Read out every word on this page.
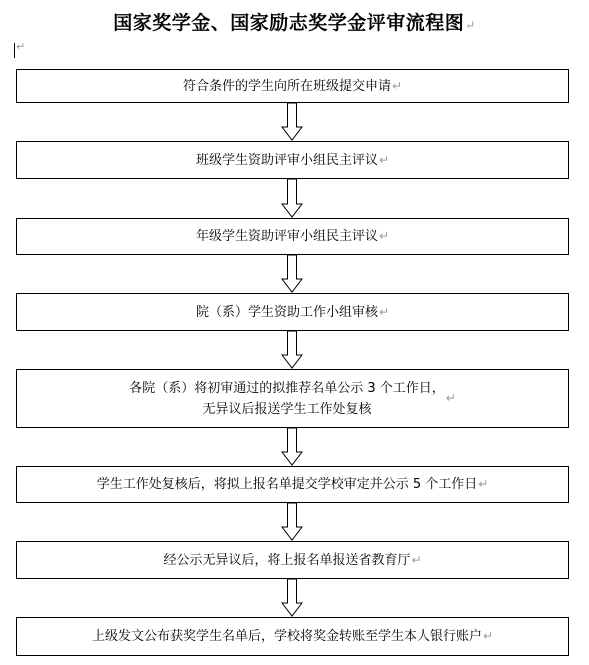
国家奖学金、国家励志奖学金评审流程图↵
↵
符合条件的学生向所在班级提交申请 ↵
班级学生资助评审小组民主评议 ↵
年级学生资助评审小组民主评议 ↵
院（系）学生资助工作小组审核 ↵
各院（系）将初审通过的拟推荐名单公示 3 个工作日，
无异议后报送学生工作处复核
↵
学生工作处复核后，将拟上报名单提交学校审定并公示 5 个工作日 ↵
经公示无异议后，将上报名单报送省教育厅 ↵
上级发文公布获奖学生名单后，学校将奖金转账至学生本人银行账户 ↵
